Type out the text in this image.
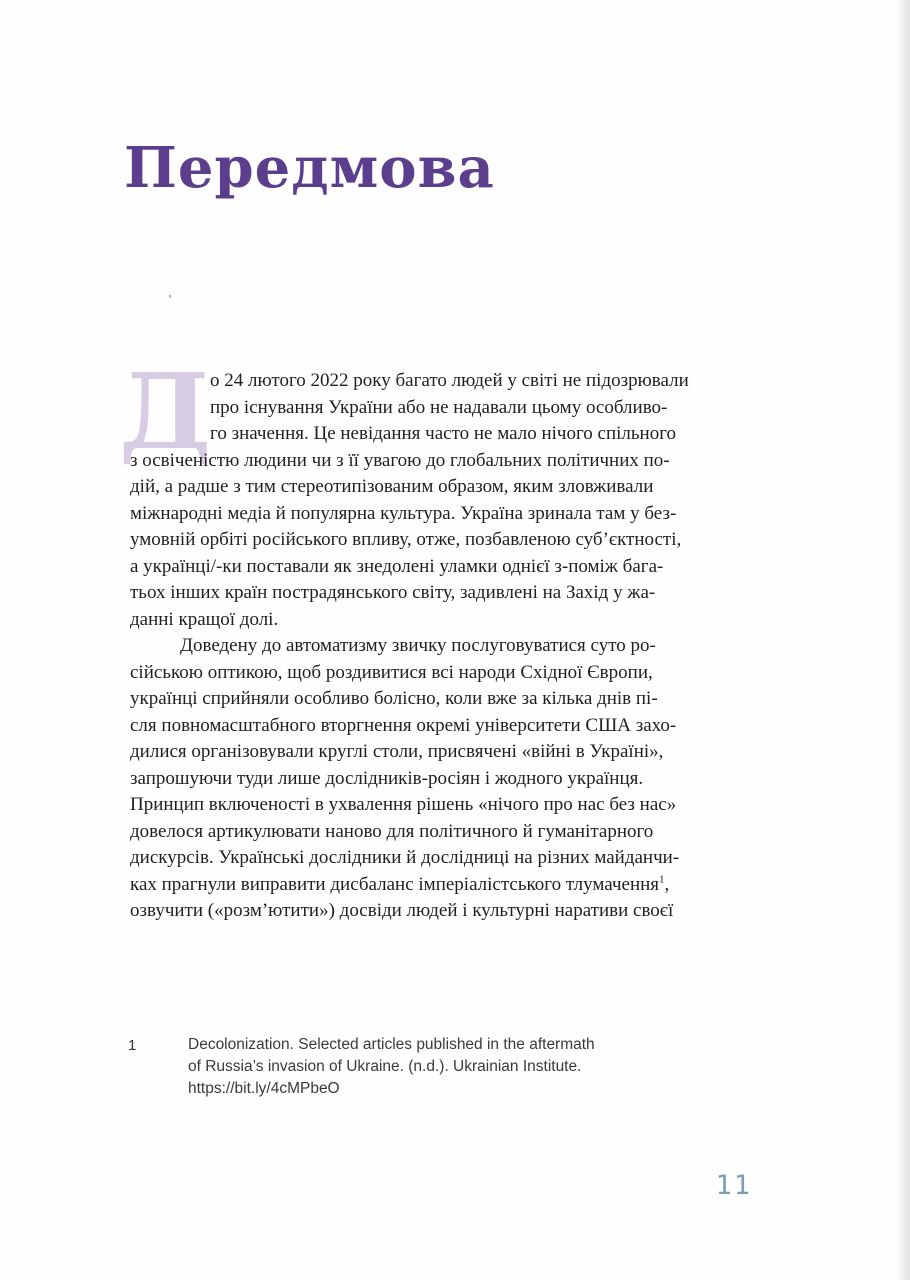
Передмова
Д
о 24 лютого 2022 року багато людей у світі не підозрювали
про існування України або не надавали цьому особливо-
го значення. Це невідання часто не мало нічого спільного
з освіченістю людини чи з її увагою до глобальних політичних по-
дій, а радше з тим стереотипізованим образом, яким зловживали
міжнародні медіа й популярна культура. Україна зринала там у без-
умовній орбіті російського впливу, отже, позбавленою суб’єктності,
а українці/-ки поставали як знедолені уламки однієї з-поміж бага-
тьох інших країн пострадянського світу, задивлені на Захід у жа-
данні кращої долі.
Доведену до автоматизму звичку послуговуватися суто ро-
сійською оптикою, щоб роздивитися всі народи Східної Європи,
українці сприйняли особливо болісно, коли вже за кілька днів пі-
сля повномасштабного вторгнення окремі університети США захо-
дилися організовували круглі столи, присвячені «війні в Україні»,
запрошуючи туди лише дослідників-росіян і жодного українця.
Принцип включеності в ухвалення рішень «нічого про нас без нас»
довелося артикулювати наново для політичного й гуманітарного
дискурсів. Українські дослідники й дослідниці на різних майданчи-
ках прагнули виправити дисбаланс імперіалістського тлумачення$^1$,
озвучити («розм’ютити») досвіди людей і культурні наративи своєї
1	Decolonization. Selected articles published in the aftermath
of Russia’s invasion of Ukraine. (n.d.). Ukrainian Institute.
https://bit.ly/4cMPbeO
11
